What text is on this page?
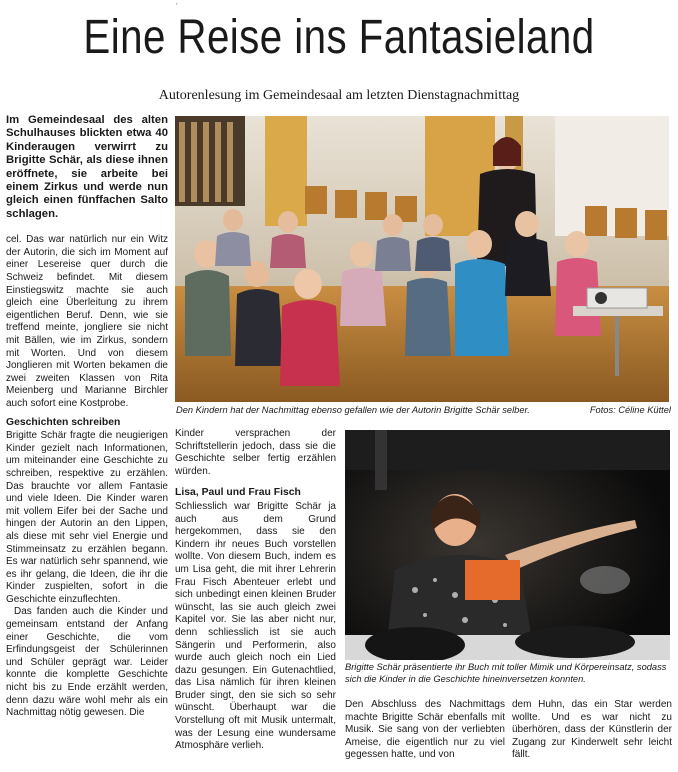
,
Eine Reise ins Fantasieland
Autorenlesung im Gemeindesaal am letzten Dienstagnachmittag

Im Gemeindesaal des alten Schulhauses blickten etwa 40 Kinderaugen verwirrt zu Brigitte Schär, als diese ihnen eröffnete, sie arbeite bei einem Zirkus und werde nun gleich einen fünffachen Salto schlagen.

cel. Das war natürlich nur ein Witz der Autorin, die sich im Moment auf einer Lesereise quer durch die Schweiz befindet. Mit diesem Einstiegswitz machte sie auch gleich eine Überleitung zu ihrem eigentlichen Beruf. Denn, wie sie treffend meinte, jongliere sie nicht mit Bällen, wie im Zirkus, sondern mit Worten. Und von diesem Jonglieren mit Worten bekamen die zwei zweiten Klassen von Rita Meienberg und Marianne Birchler auch sofort eine Kostprobe.

Geschichten schreiben

Brigitte Schär fragte die neugierigen Kinder gezielt nach Informationen, um miteinander eine Geschichte zu schreiben, respektive zu erzählen. Das brauchte vor allem Fantasie und viele Ideen. Die Kinder waren mit vollem Eifer bei der Sache und hingen der Autorin an den Lippen, als diese mit sehr viel Energie und Stimmeinsatz zu erzählen begann. Es war natürlich sehr spannend, wie es ihr gelang, die Ideen, die ihr die Kinder zuspielten, sofort in die Geschichte einzuflechten.

Das fanden auch die Kinder und gemeinsam entstand der Anfang einer Geschichte, die vom Erfindungsgeist der Schülerinnen und Schüler geprägt war. Leider konnte die komplette Geschichte nicht bis zu Ende erzählt werden, denn dazu wäre wohl mehr als ein Nachmittag nötig gewesen. Die

Den Kindern hat der Nachmittag ebenso gefallen wie der Autorin Brigitte Schär selber.	Fotos: Céline Küttel

Kinder versprachen der Schriftstellerin jedoch, dass sie die Geschichte selber fertig erzählen würden.

Lisa, Paul und Frau Fisch

Schliesslich war Brigitte Schär ja auch aus dem Grund hergekommen, dass sie den Kindern ihr neues Buch vorstellen wollte. Von diesem Buch, indem es um Lisa geht, die mit ihrer Lehrerin Frau Fisch Abenteuer erlebt und sich unbedingt einen kleinen Bruder wünscht, las sie auch gleich zwei Kapitel vor. Sie las aber nicht nur, denn schliesslich ist sie auch Sängerin und Performerin, also wurde auch gleich noch ein Lied dazu gesungen. Ein Gutenachtlied, das Lisa nämlich für ihren kleinen Bruder singt, den sie sich so sehr wünscht. Überhaupt war die Vorstellung oft mit Musik untermalt, was der Lesung eine wundersame Atmosphäre verlieh.

Brigitte Schär präsentierte ihr Buch mit toller Mimik und Körpereinsatz, sodass sich die Kinder in die Geschichte hineinversetzen konnten.

Den Abschluss des Nachmittags machte Brigitte Schär ebenfalls mit Musik. Sie sang von der verliebten Ameise, die eigentlich nur zu viel gegessen hatte, und von

dem Huhn, das ein Star werden wollte. Und es war nicht zu überhören, dass der Künstlerin der Zugang zur Kinderwelt sehr leicht fällt.
